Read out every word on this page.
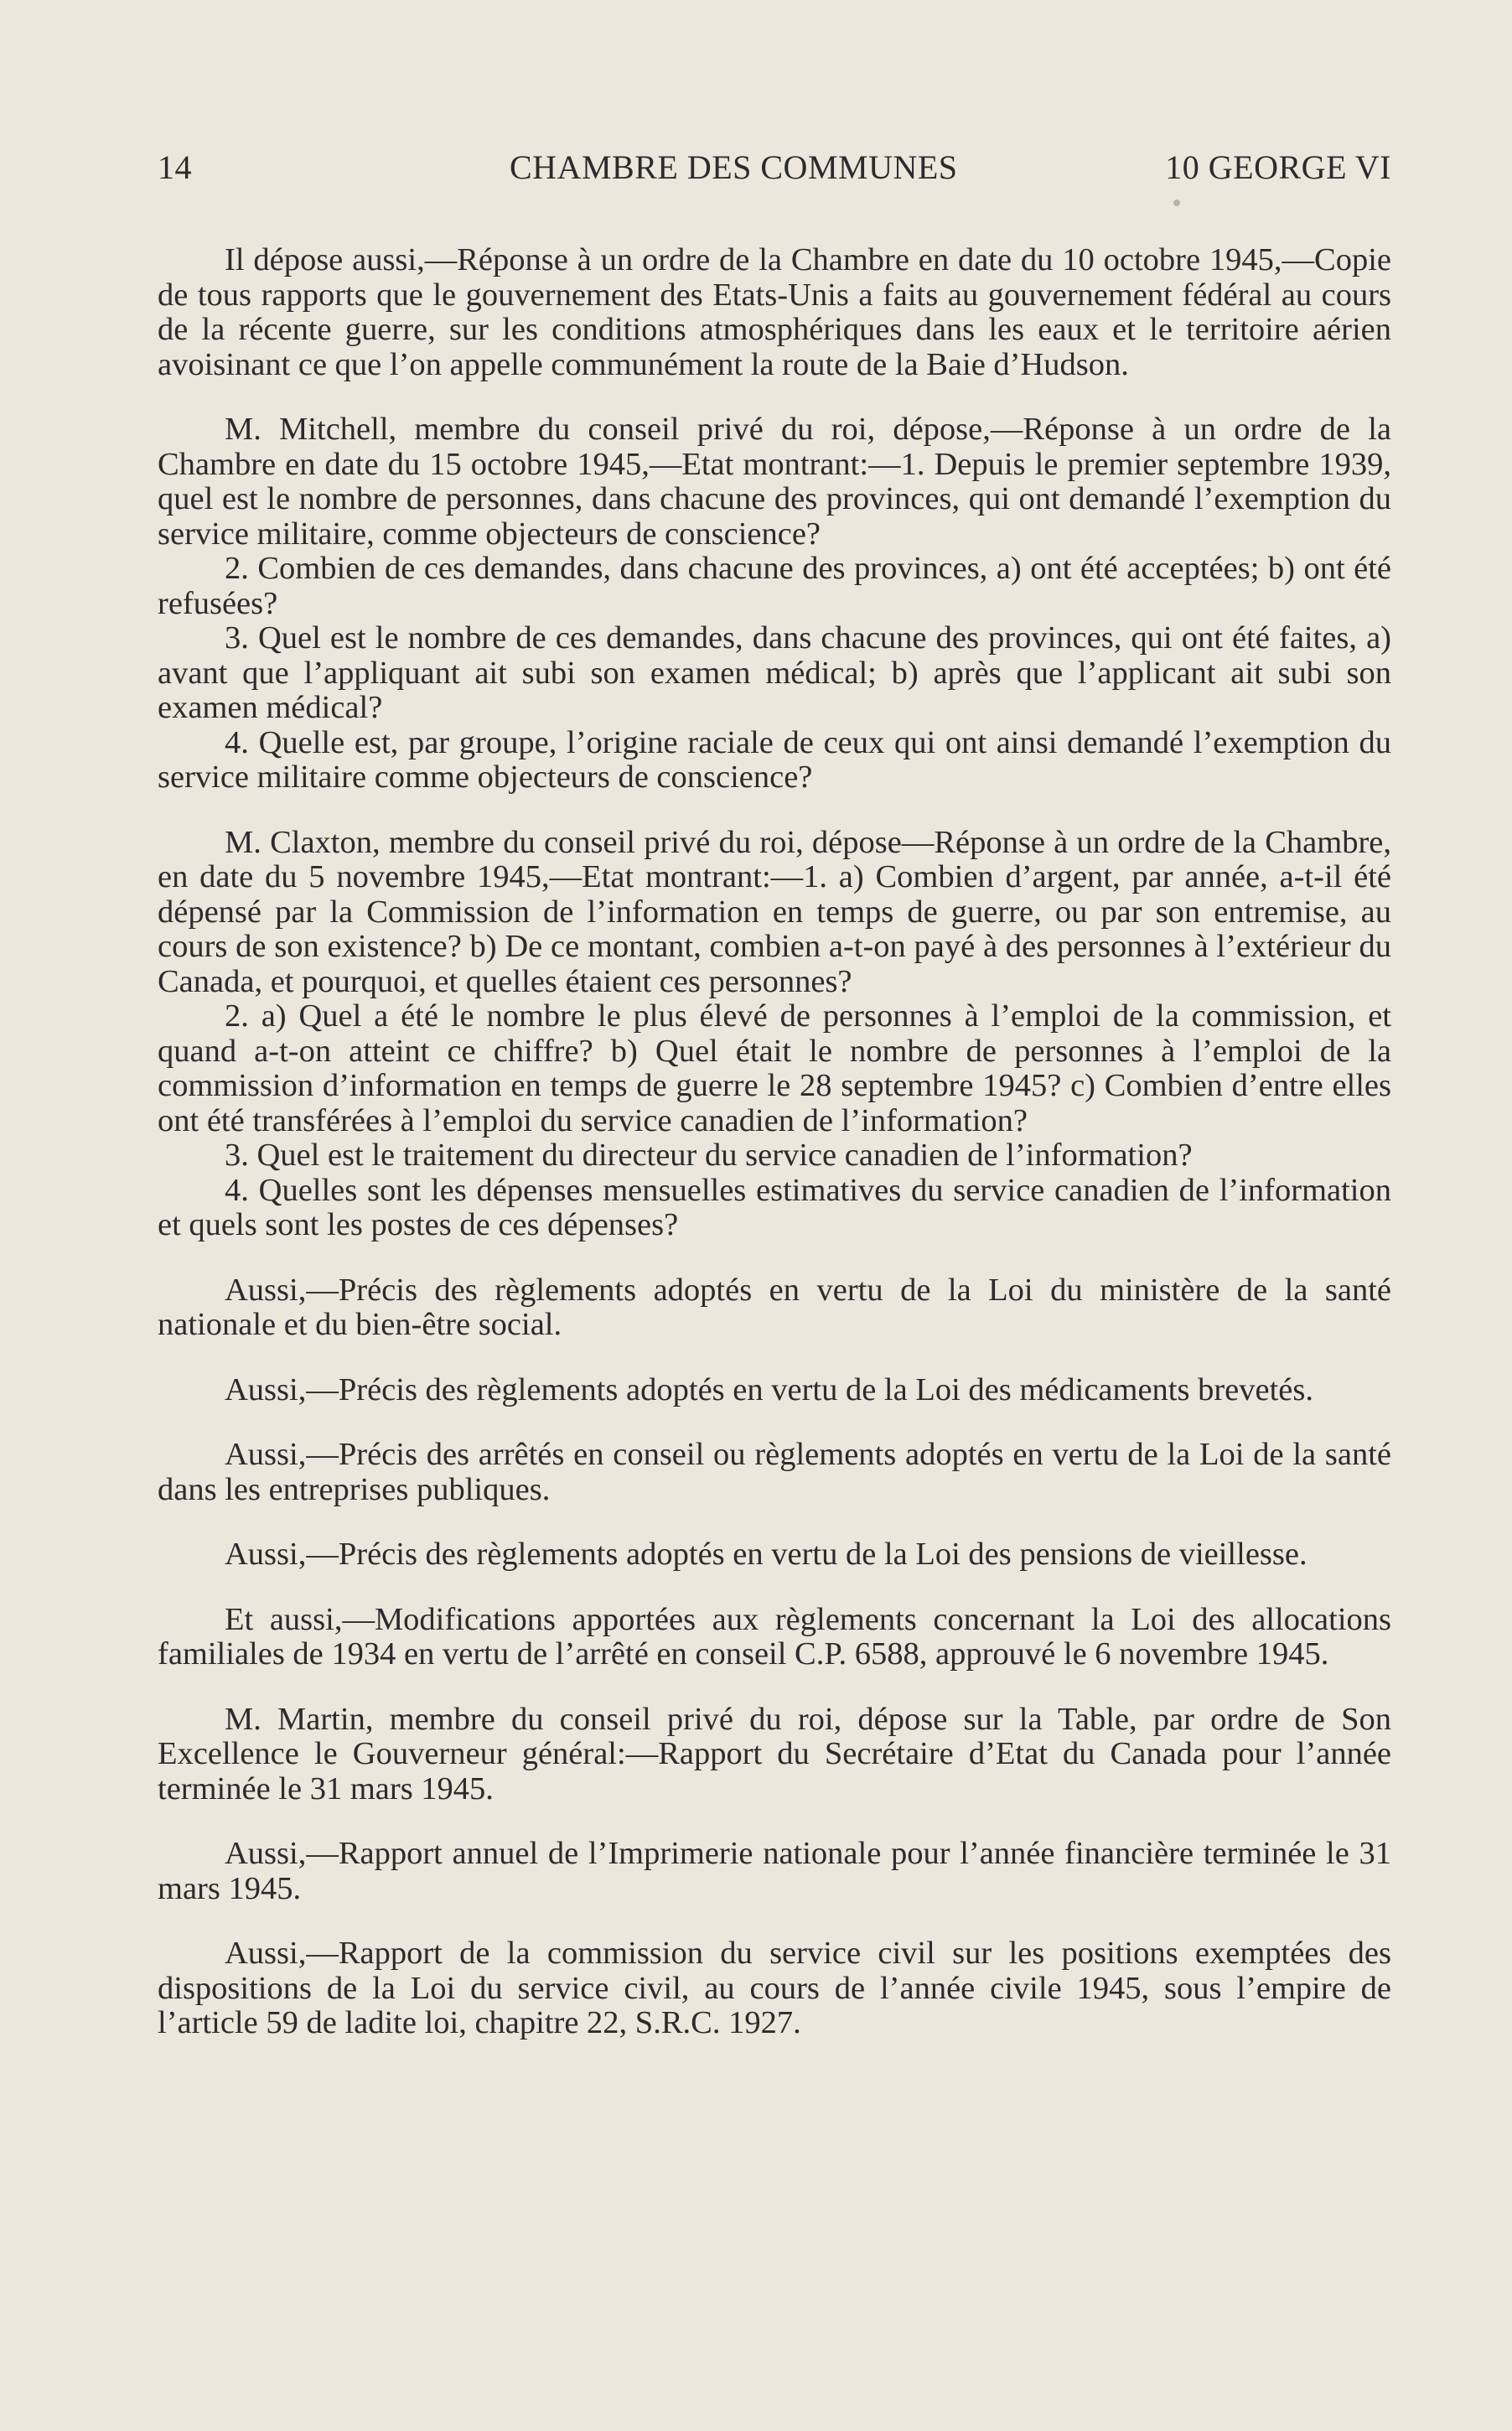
14	CHAMBRE DES COMMUNES	10 GEORGE VI

Il dépose aussi,—Réponse à un ordre de la Chambre en date du 10 octobre 1945,—Copie de tous rapports que le gouvernement des Etats-Unis a faits au gouvernement fédéral au cours de la récente guerre, sur les conditions atmosphériques dans les eaux et le territoire aérien avoisinant ce que l’on appelle communément la route de la Baie d’Hudson.

M. Mitchell, membre du conseil privé du roi, dépose,—Réponse à un ordre de la Chambre en date du 15 octobre 1945,—Etat montrant:—1. Depuis le premier septembre 1939, quel est le nombre de personnes, dans chacune des provinces, qui ont demandé l’exemption du service militaire, comme objecteurs de conscience?

2. Combien de ces demandes, dans chacune des provinces, a) ont été acceptées; b) ont été refusées?

3. Quel est le nombre de ces demandes, dans chacune des provinces, qui ont été faites, a) avant que l’appliquant ait subi son examen médical; b) après que l’applicant ait subi son examen médical?

4. Quelle est, par groupe, l’origine raciale de ceux qui ont ainsi demandé l’exemption du service militaire comme objecteurs de conscience?

M. Claxton, membre du conseil privé du roi, dépose—Réponse à un ordre de la Chambre, en date du 5 novembre 1945,—Etat montrant:—1. a) Combien d’argent, par année, a-t-il été dépensé par la Commission de l’information en temps de guerre, ou par son entremise, au cours de son existence? b) De ce montant, combien a-t-on payé à des personnes à l’extérieur du Canada, et pourquoi, et quelles étaient ces personnes?

2. a) Quel a été le nombre le plus élevé de personnes à l’emploi de la commission, et quand a-t-on atteint ce chiffre? b) Quel était le nombre de personnes à l’emploi de la commission d’information en temps de guerre le 28 septembre 1945? c) Combien d’entre elles ont été transférées à l’emploi du service canadien de l’information?

3. Quel est le traitement du directeur du service canadien de l’information?

4. Quelles sont les dépenses mensuelles estimatives du service canadien de l’information et quels sont les postes de ces dépenses?

Aussi,—Précis des règlements adoptés en vertu de la Loi du ministère de la santé nationale et du bien-être social.

Aussi,—Précis des règlements adoptés en vertu de la Loi des médicaments brevetés.

Aussi,—Précis des arrêtés en conseil ou règlements adoptés en vertu de la Loi de la santé dans les entreprises publiques.

Aussi,—Précis des règlements adoptés en vertu de la Loi des pensions de vieillesse.

Et aussi,—Modifications apportées aux règlements concernant la Loi des allocations familiales de 1934 en vertu de l’arrêté en conseil C.P. 6588, approuvé le 6 novembre 1945.

M. Martin, membre du conseil privé du roi, dépose sur la Table, par ordre de Son Excellence le Gouverneur général:—Rapport du Secrétaire d’Etat du Canada pour l’année terminée le 31 mars 1945.

Aussi,—Rapport annuel de l’Imprimerie nationale pour l’année financière terminée le 31 mars 1945.

Aussi,—Rapport de la commission du service civil sur les positions exemptées des dispositions de la Loi du service civil, au cours de l’année civile 1945, sous l’empire de l’article 59 de ladite loi, chapitre 22, S.R.C. 1927.
